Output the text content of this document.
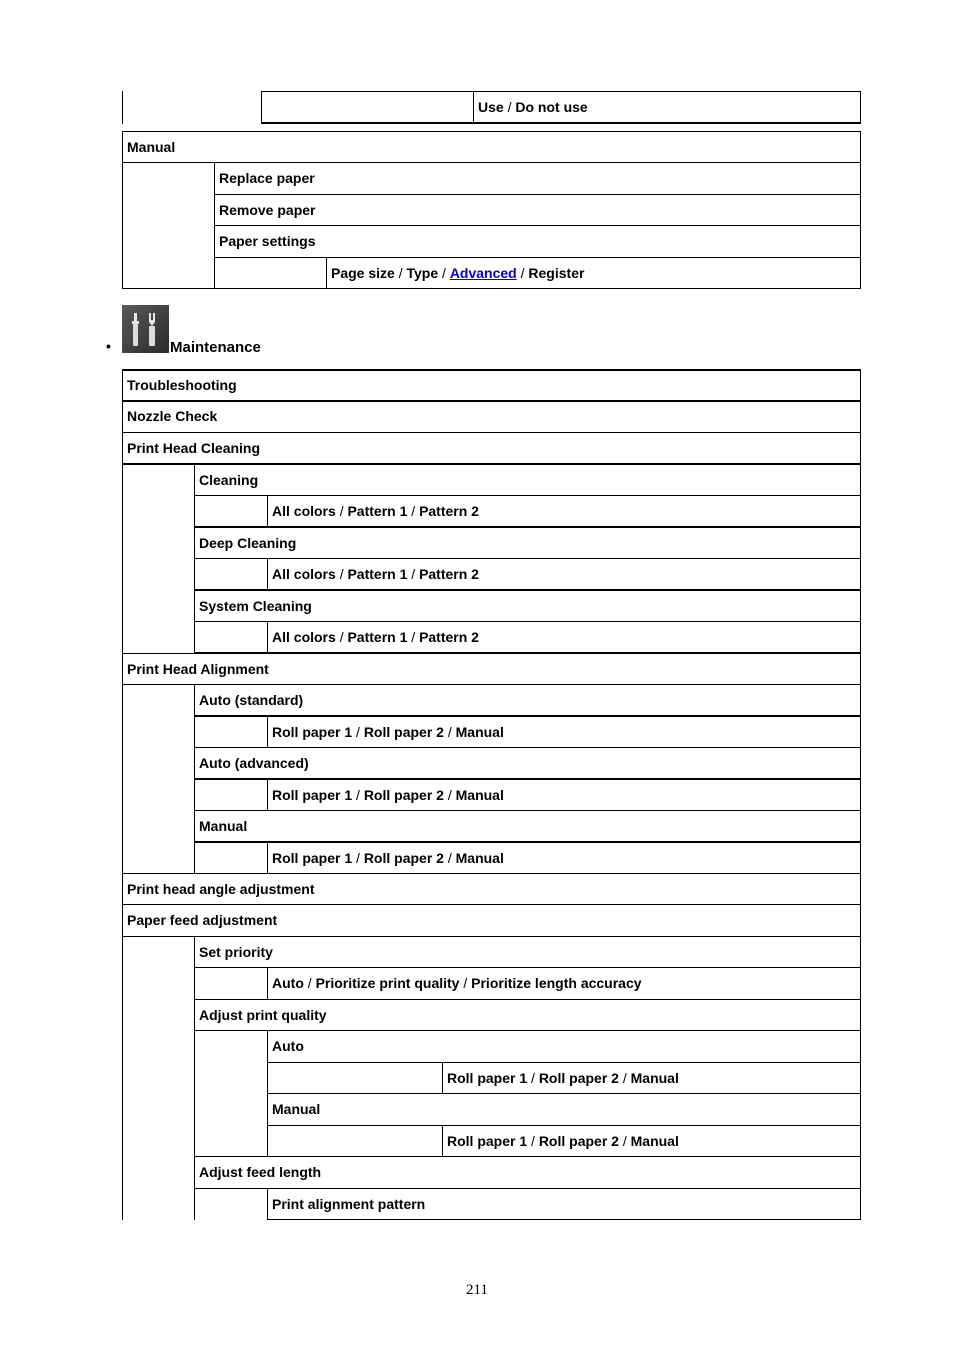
Use / Do not use
Manual
Replace paper
Remove paper
Paper settings
Page size / Type / Advanced / Register
•	Maintenance
Troubleshooting
Nozzle Check
Print Head Cleaning
Cleaning
All colors / Pattern 1 / Pattern 2
Deep Cleaning
All colors / Pattern 1 / Pattern 2
System Cleaning
All colors / Pattern 1 / Pattern 2
Print Head Alignment
Auto (standard)
Roll paper 1 / Roll paper 2 / Manual
Auto (advanced)
Roll paper 1 / Roll paper 2 / Manual
Manual
Roll paper 1 / Roll paper 2 / Manual
Print head angle adjustment
Paper feed adjustment
Set priority
Auto / Prioritize print quality / Prioritize length accuracy
Adjust print quality
Auto
Roll paper 1 / Roll paper 2 / Manual
Manual
Roll paper 1 / Roll paper 2 / Manual
Adjust feed length
Print alignment pattern
211
